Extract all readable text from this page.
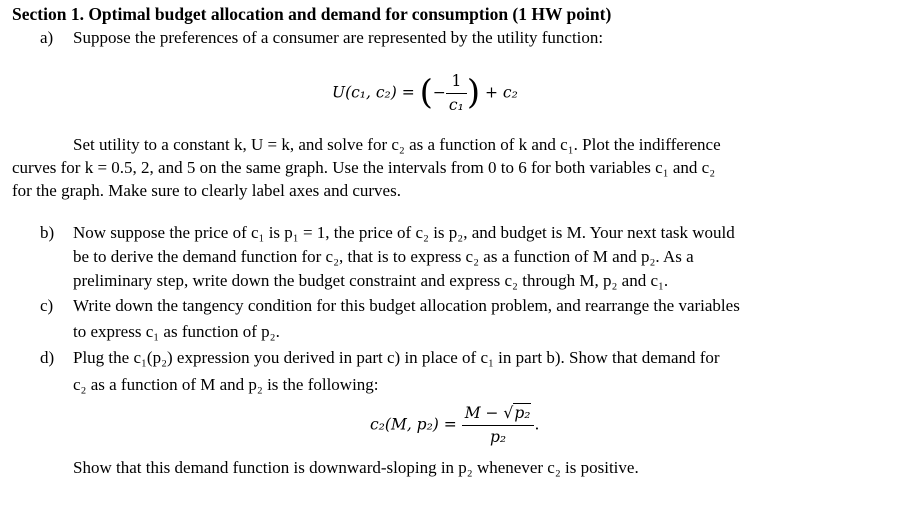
Section 1. Optimal budget allocation and demand for consumption (1 HW point)
a) Suppose the preferences of a consumer are represented by the utility function:
U(c₁, c₂) = (− $\frac{1}{\text{c₁}}$ ) + c₂
Set utility to a constant k, U = k, and solve for c₂ as a function of k and c₁. Plot the indifference
curves for k = 0.5, 2, and 5 on the same graph. Use the intervals from 0 to 6 for both variables c₁ and c₂
for the graph. Make sure to clearly label axes and curves.
b) Now suppose the price of c₁ is p₁ = 1, the price of c₂ is p₂, and budget is M. Your next task would
be to derive the demand function for c₂, that is to express c₂ as a function of M and p₂. As a
preliminary step, write down the budget constraint and express c₂ through M, p₂ and c₁.
c) Write down the tangency condition for this budget allocation problem, and rearrange the variables
to express c₁ as function of p₂.
d) Plug the c₁(p₂) expression you derived in part c) in place of c₁ in part b). Show that demand for
c₂ as a function of M and p₂ is the following:
c₂(M, $p_2) = \frac{\text{M − √p₂}}{\text{p₂}}$ .
Show that this demand function is downward-sloping in p₂ whenever c₂ is positive.
